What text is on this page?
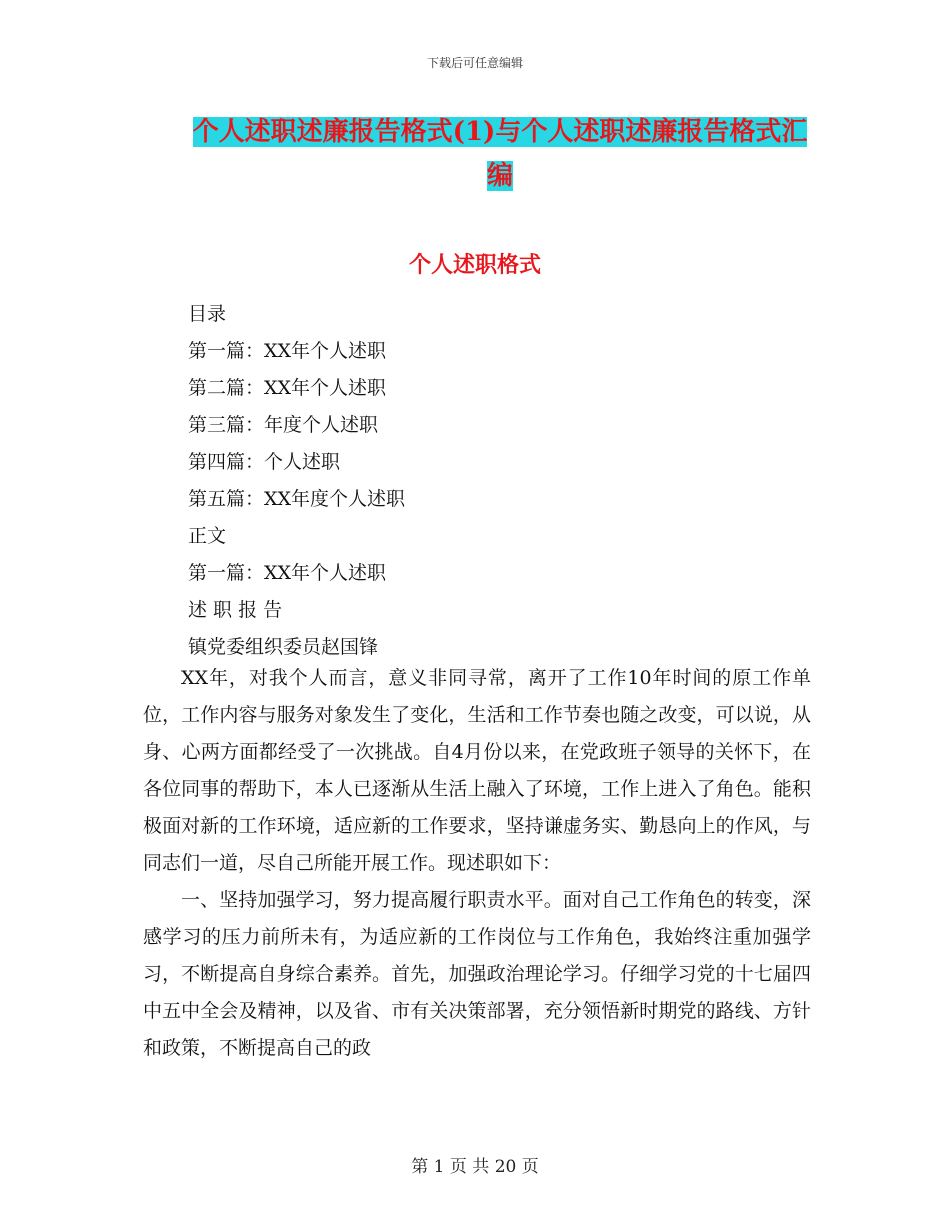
下载后可任意编辑
个人述职述廉报告格式(1)与个人述职述廉报告格式汇编
个人述职格式
目录
第一篇：XX年个人述职
第二篇：XX年个人述职
第三篇：年度个人述职
第四篇：个人述职
第五篇：XX年度个人述职
正文
第一篇：XX年个人述职
述 职 报 告
镇党委组织委员赵国锋

XX年，对我个人而言，意义非同寻常，离开了工作10年时间的原工作单位，工作内容与服务对象发生了变化，生活和工作节奏也随之改变，可以说，从身、心两方面都经受了一次挑战。自4月份以来，在党政班子领导的关怀下，在各位同事的帮助下，本人已逐渐从生活上融入了环境，工作上进入了角色。能积极面对新的工作环境，适应新的工作要求，坚持谦虚务实、勤恳向上的作风，与同志们一道，尽自己所能开展工作。现述职如下：

一、坚持加强学习，努力提高履行职责水平。面对自己工作角色的转变，深感学习的压力前所未有，为适应新的工作岗位与工作角色，我始终注重加强学习，不断提高自身综合素养。首先，加强政治理论学习。仔细学习党的十七届四中五中全会及精神，以及省、市有关决策部署，充分领悟新时期党的路线、方针和政策，不断提高自己的政

第 1 页 共 20 页
